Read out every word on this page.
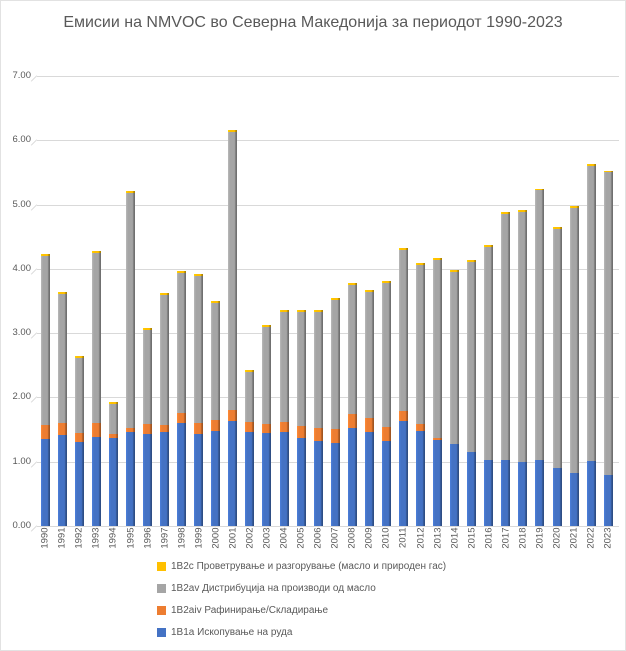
Емисии на NMVOC во Северна Македонија за периодот 1990-2023
1B2c Проветрување и разгорување (масло и природен гас)
1B2av Дистрибуција на производи од масло
1B2aiv Рафинирање/Складирање
1B1a Ископување на руда
0.00
1.00
2.00
3.00
4.00
5.00
6.00
7.00
1990 1991 1992 1993 1994 1995 1996 1997 1998 1999 2000 2001 2002 2003 2004 2005 2006 2007 2008 2009 2010 2011 2012 2013 2014 2015 2016 2017 2018 2019 2020 2021 2022 2023
